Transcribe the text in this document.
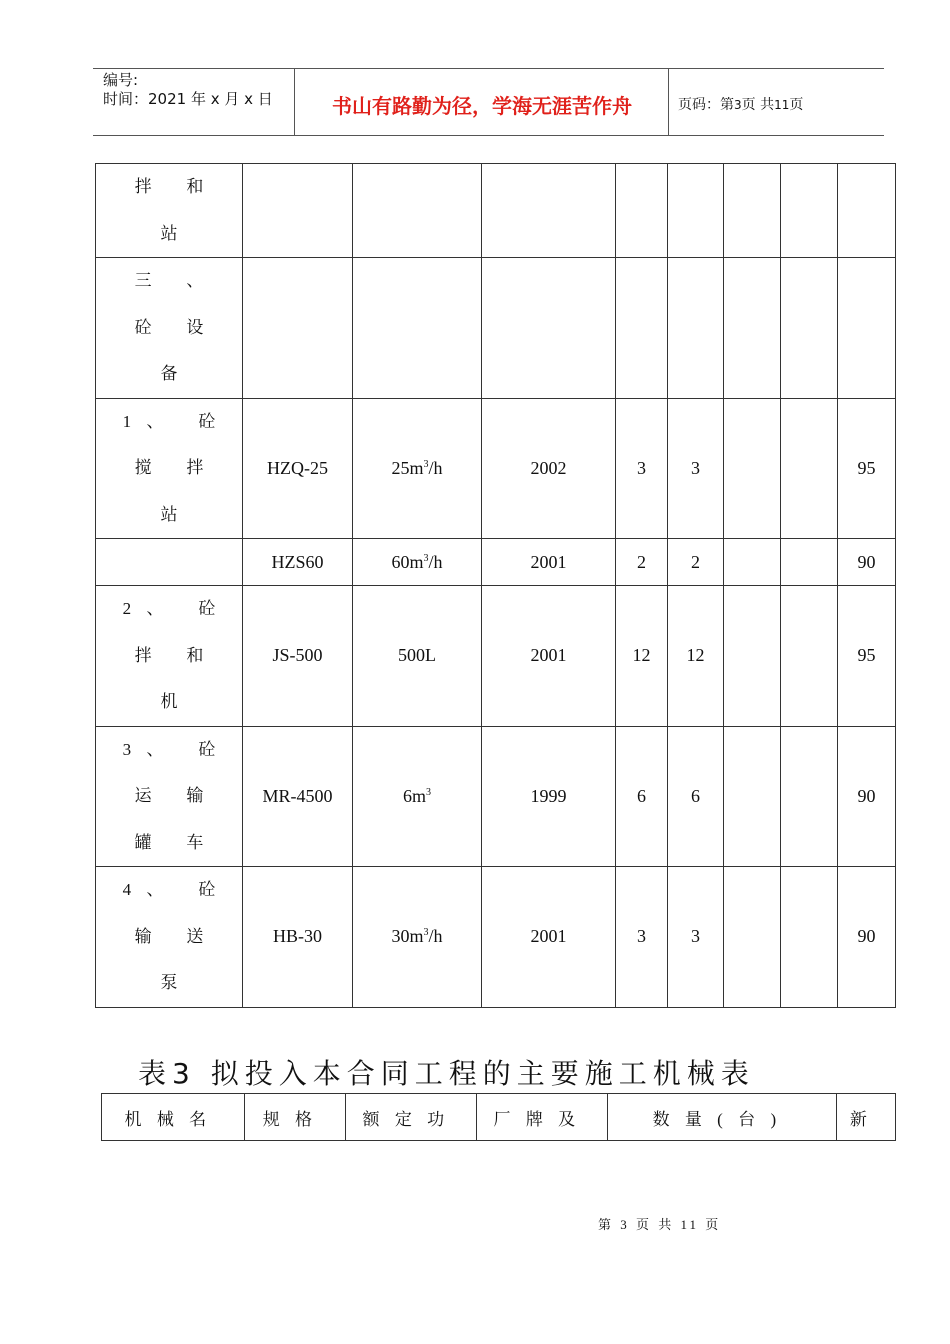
编号:
时间：2021 年 x 月 x 日	书山有路勤为径，学海无涯苦作舟	页码：第3页 共11页
拌 和
站								

三 、
砼 设
备								

1、 砼
搅 拌
站	HZQ-25	$25m^3/h$	2002	3	3			95
	HZS60	$60m^3/h$	2001	2	2			90

2、 砼
拌 和
机	JS-500	500L	2001	12	12			95

3、 砼
运 输
罐 车	MR-4500	$6m^3$	1999	6	6			90

4、 砼
输 送
泵	HB-30	$30m^3/h$	2001	3	3			90
表3 拟投入本合同工程的主要施工机械表
机械名	规格	额定功	厂牌及	数量(台)	新
第 3 页 共 11 页
